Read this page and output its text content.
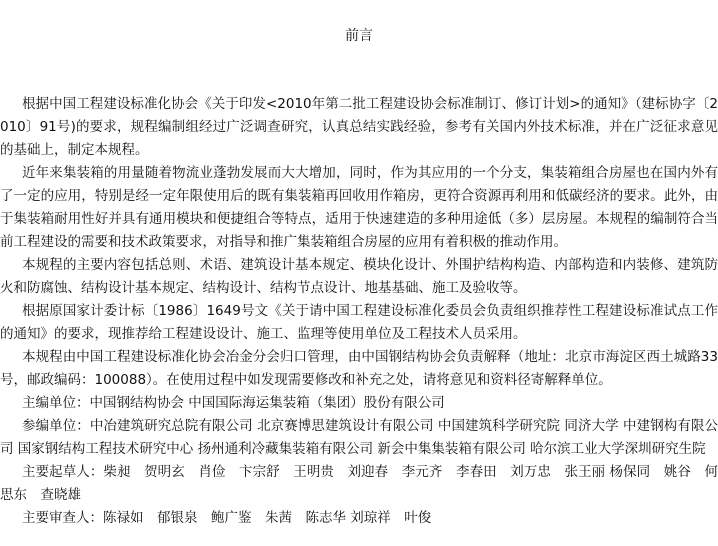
前言

根据中国工程建设标准化协会《关于印发<2010年第二批工程建设协会标准制订、修订计划>的通知》（建标协字〔2010〕91号)的要求，规程编制组经过广泛调查研究，认真总结实践经验，参考有关国内外技术标准，并在广泛征求意见的基础上，制定本规程。

近年来集装箱的用量随着物流业蓬勃发展而大大增加，同时，作为其应用的一个分支，集装箱组合房屋也在国内外有了一定的应用，特别是经一定年限使用后的既有集装箱再回收用作箱房，更符合资源再利用和低碳经济的要求。此外，由于集装箱耐用性好并具有通用模块和便捷组合等特点，适用于快速建造的多种用途低（多）层房屋。本规程的编制符合当前工程建设的需要和技术政策要求，对指导和推广集装箱组合房屋的应用有着积极的推动作用。

本规程的主要内容包括总则、术语、建筑设计基本规定、模块化设计、外围护结构构造、内部构造和内装修、建筑防火和防腐蚀、结构设计基本规定、结构设计、结构节点设计、地基基础、施工及验收等。

根据原国家计委计标〔1986〕1649号文《关于请中国工程建设标准化委员会负责组织推荐性工程建设标准试点工作的通知》的要求，现推荐给工程建设设计、施工、监理等使用单位及工程技术人员采用。

本规程由中国工程建设标准化协会冶金分会归口管理，由中国钢结构协会负责解释（地址：北京市海淀区西土城路33号，邮政编码：100088）。在使用过程中如发现需要修改和补充之处，请将意见和资料径寄解释单位。

主编单位：中国钢结构协会 中国国际海运集装箱（集团）股份有限公司

参编单位：中冶建筑研究总院有限公司 北京赛博思建筑设计有限公司 中国建筑科学研究院 同济大学 中建钢构有限公司 国家钢结构工程技术研究中心 扬州通利冷藏集装箱有限公司 新会中集集装箱有限公司 哈尔滨工业大学深圳研究生院

主要起草人：柴昶　贺明玄　肖俭　卞宗舒　王明贵　刘迎春　李元齐　李春田　刘万忠　张王丽 杨保同　姚谷　何思东　查晓雄

主要审查人：陈禄如　郁银泉　鲍广鉴　朱茜　陈志华 刘琼祥　叶俊
